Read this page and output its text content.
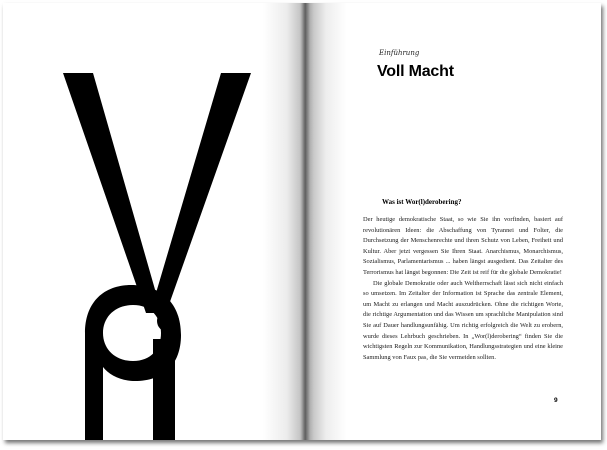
Einführung
Voll Macht
Was ist Wor(l)derobering?

Der heutige demokratische Staat, so wie Sie ihn vorfinden, basiert auf revolutionären Ideen: die Abschaffung von Tyrannei und Folter, die Durchsetzung der Menschenrechte und ihren Schutz von Leben, Freiheit und Kultur. Aber jetzt vergessen Sie Ihren Staat. Anarchismus, Monarchismus, Sozialismus, Parlamentarismus ... haben längst ausgedient. Das Zeitalter des Terrorismus hat längst begonnen: Die Zeit ist reif für die globale Demokratie!

Die globale Demokratie oder auch Weltherrschaft lässt sich nicht einfach so umsetzen. Im Zeitalter der Information ist Sprache das zentrale Element, um Macht zu erlangen und Macht auszudrücken. Ohne die richtigen Worte, die richtige Argumentation und das Wissen um sprachliche Manipulation sind Sie auf Dauer handlungsunfähig. Um richtig erfolgreich die Welt zu erobern, wurde dieses Lehrbuch geschrieben. In „Wor(l)derobering“ finden Sie die wichtigsten Regeln zur Kommunikation, Handlungsstrategien und eine kleine Sammlung von Faux pas, die Sie vermeiden sollten.

9
